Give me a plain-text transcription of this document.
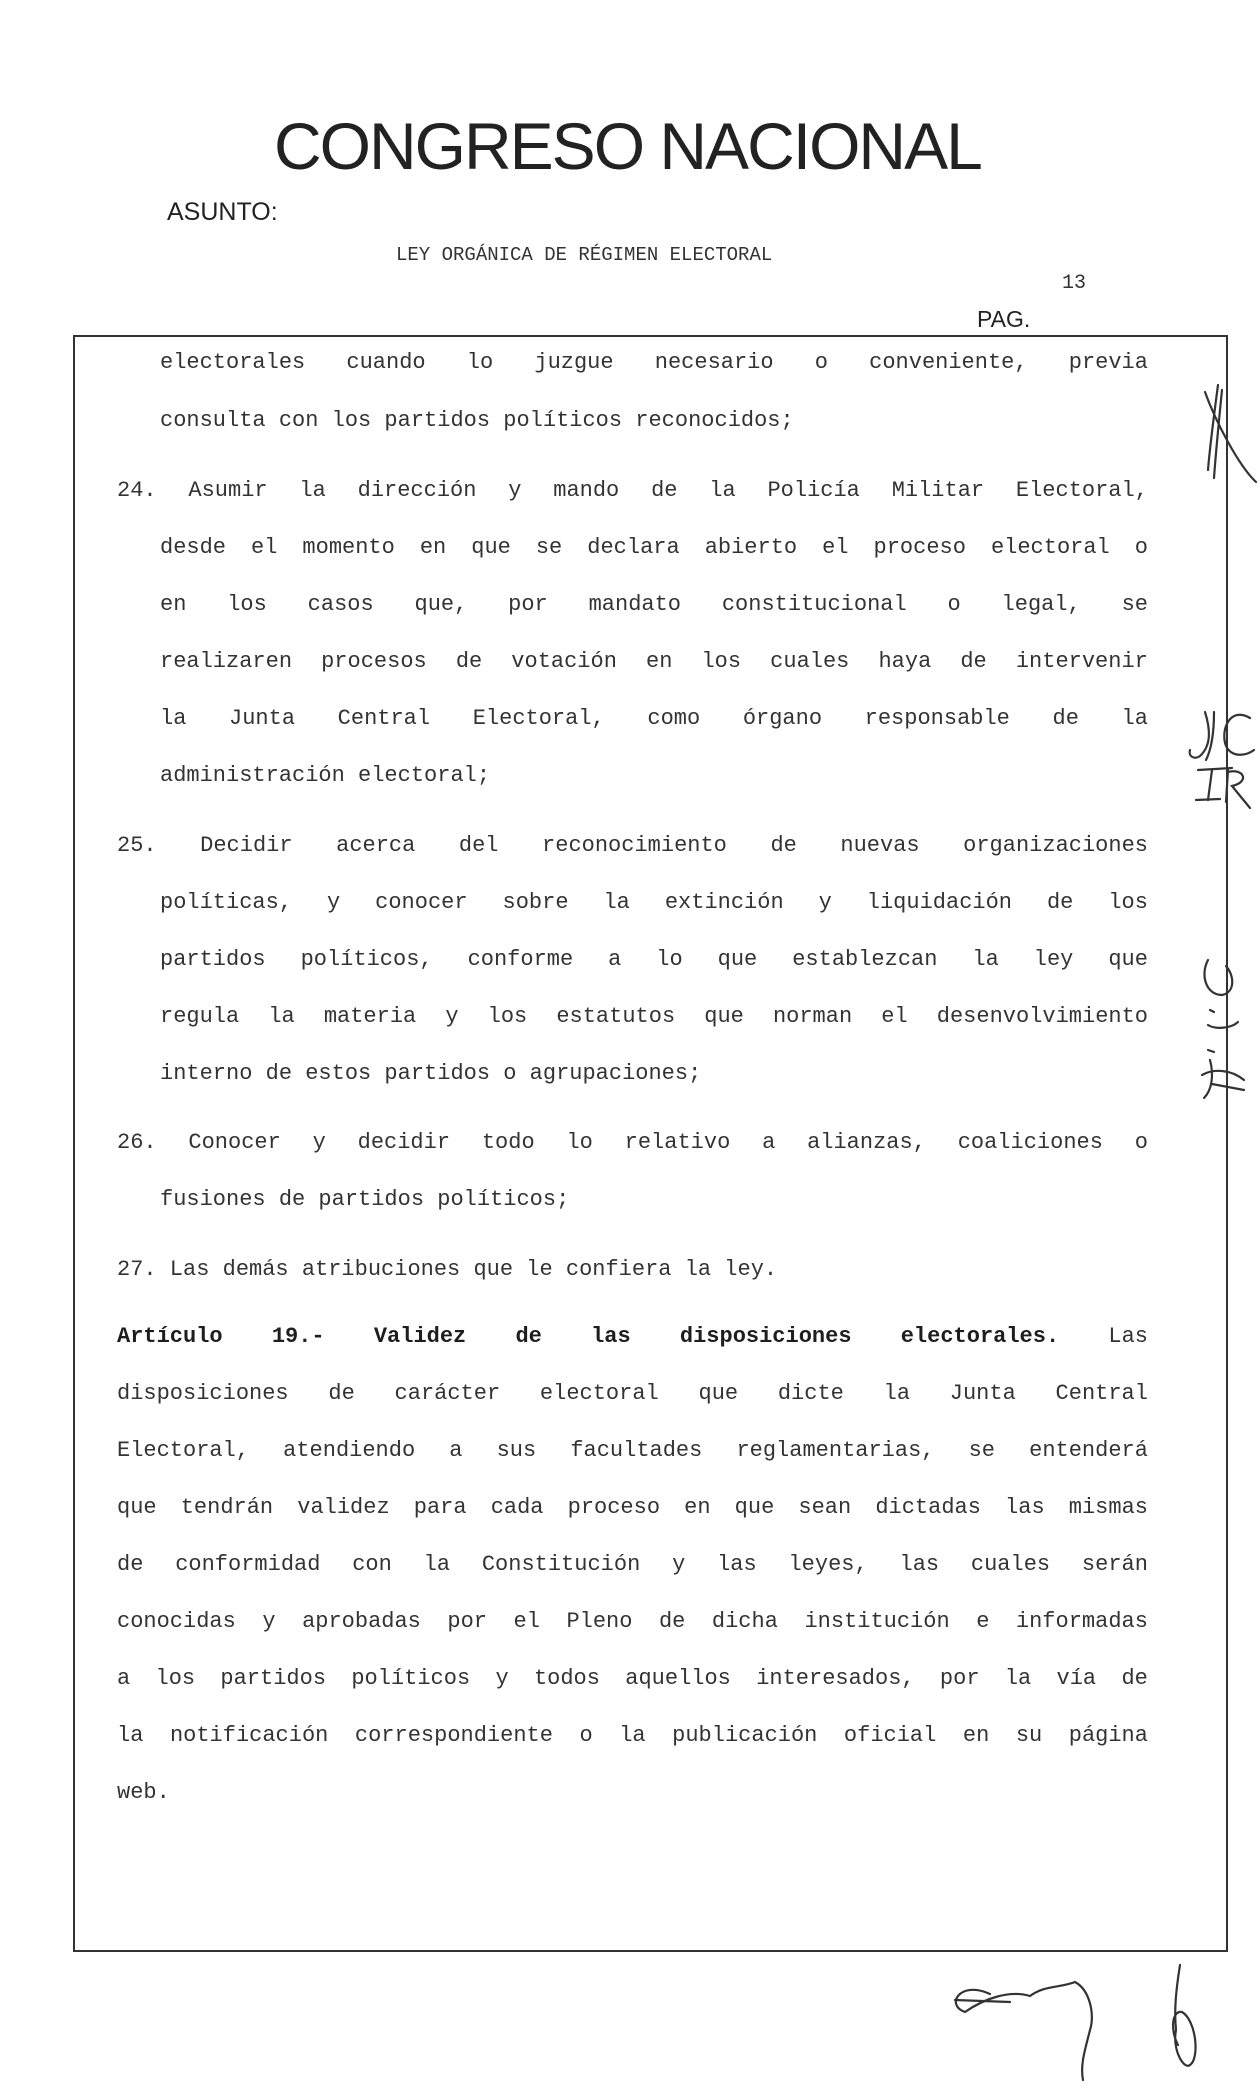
CONGRESO NACIONAL
ASUNTO:
LEY ORGÁNICA DE RÉGIMEN ELECTORAL
13
PAG.
electorales cuando lo juzgue necesario o conveniente, previa
consulta con los partidos políticos reconocidos;
24. Asumir la dirección y mando de la Policía Militar Electoral,
desde el momento en que se declara abierto el proceso electoral o
en los casos que, por mandato constitucional o legal, se
realizaren procesos de votación en los cuales haya de intervenir
la Junta Central Electoral, como órgano responsable de la
administración electoral;
25. Decidir acerca del reconocimiento de nuevas organizaciones
políticas, y conocer sobre la extinción y liquidación de los
partidos políticos, conforme a lo que establezcan la ley que
regula la materia y los estatutos que norman el desenvolvimiento
interno de estos partidos o agrupaciones;
26. Conocer y decidir todo lo relativo a alianzas, coaliciones o
fusiones de partidos políticos;
27. Las demás atribuciones que le confiera la ley.
Artículo 19.- Validez de las disposiciones electorales. Las
disposiciones de carácter electoral que dicte la Junta Central
Electoral, atendiendo a sus facultades reglamentarias, se entenderá
que tendrán validez para cada proceso en que sean dictadas las mismas
de conformidad con la Constitución y las leyes, las cuales serán
conocidas y aprobadas por el Pleno de dicha institución e informadas
a los partidos políticos y todos aquellos interesados, por la vía de
la notificación correspondiente o la publicación oficial en su página
web.
